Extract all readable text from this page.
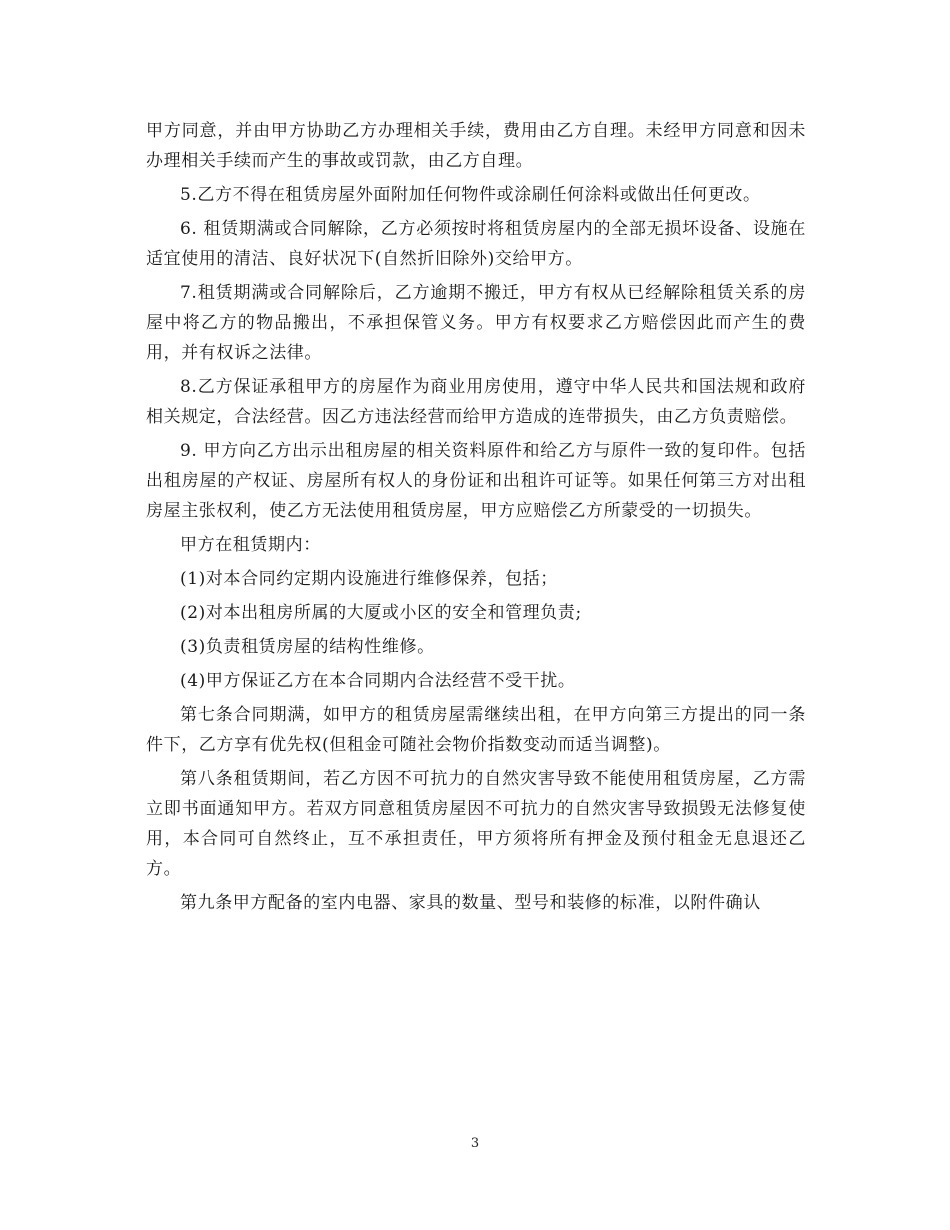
甲方同意，并由甲方协助乙方办理相关手续，费用由乙方自理。未经甲方同意和因未办理相关手续而产生的事故或罚款，由乙方自理。

5.乙方不得在租赁房屋外面附加任何物件或涂刷任何涂料或做出任何更改。

6. 租赁期满或合同解除，乙方必须按时将租赁房屋内的全部无损坏设备、设施在适宜使用的清洁、良好状况下(自然折旧除外)交给甲方。

7.租赁期满或合同解除后，乙方逾期不搬迁，甲方有权从已经解除租赁关系的房屋中将乙方的物品搬出，不承担保管义务。甲方有权要求乙方赔偿因此而产生的费用，并有权诉之法律。

8.乙方保证承租甲方的房屋作为商业用房使用，遵守中华人民共和国法规和政府相关规定，合法经营。因乙方违法经营而给甲方造成的连带损失，由乙方负责赔偿。

9. 甲方向乙方出示出租房屋的相关资料原件和给乙方与原件一致的复印件。包括出租房屋的产权证、房屋所有权人的身份证和出租许可证等。如果任何第三方对出租房屋主张权利，使乙方无法使用租赁房屋，甲方应赔偿乙方所蒙受的一切损失。

甲方在租赁期内：

(1)对本合同约定期内设施进行维修保养，包括；

(2)对本出租房所属的大厦或小区的安全和管理负责;

(3)负责租赁房屋的结构性维修。

(4)甲方保证乙方在本合同期内合法经营不受干扰。

第七条合同期满，如甲方的租赁房屋需继续出租，在甲方向第三方提出的同一条件下，乙方享有优先权(但租金可随社会物价指数变动而适当调整)。

第八条租赁期间，若乙方因不可抗力的自然灾害导致不能使用租赁房屋，乙方需立即书面通知甲方。若双方同意租赁房屋因不可抗力的自然灾害导致损毁无法修复使用，本合同可自然终止，互不承担责任，甲方须将所有押金及预付租金无息退还乙方。

第九条甲方配备的室内电器、家具的数量、型号和装修的标准，以附件确认

3
